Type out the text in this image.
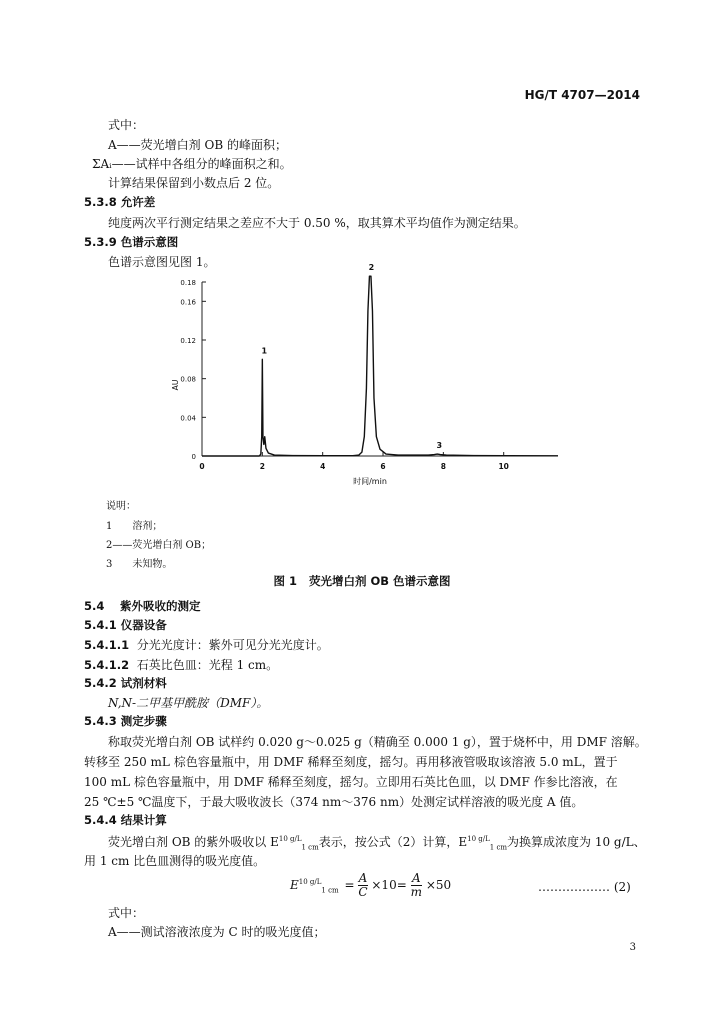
HG/T 4707—2014
式中：
A——荧光增白剂 OB 的峰面积；
ΣAᵢ——试样中各组分的峰面积之和。
计算结果保留到小数点后 2 位。
5.3.8 允许差
纯度两次平行测定结果之差应不大于 0.50 %，取其算术平均值作为测定结果。
5.3.9 色谱示意图
色谱示意图见图 1。
0
0.04
0.08
0.12
0.16
0.18
0	2	4	6	8	10
时间/min
AU
1
2
3
说明：
1 溶剂；
2——荧光增白剂 OB；
3 未知物。
图 1 荧光增白剂 OB 色谱示意图
5.4 紫外吸收的测定
5.4.1 仪器设备
5.4.1.1 分光光度计：紫外可见分光光度计。
5.4.1.2 石英比色皿：光程 1 cm。
5.4.2 试剂材料
N,N-二甲基甲酰胺（DMF）。
5.4.3 测定步骤
称取荧光增白剂 OB 试样约 0.020 g～0.025 g（精确至 0.000 1 g），置于烧杯中，用 DMF 溶解。
转移至 250 mL 棕色容量瓶中，用 DMF 稀释至刻度，摇匀。再用移液管吸取该溶液 5.0 mL，置于
100 mL 棕色容量瓶中，用 DMF 稀释至刻度，摇匀。立即用石英比色皿，以 DMF 作参比溶液，在
25 ℃±5 ℃温度下，于最大吸收波长（374 nm～376 nm）处测定试样溶液的吸光度 A 值。
5.4.4 结果计算
荧光增白剂 OB 的紫外吸收以 $E^{10 g/L}_{1 cm}$表示，按公式（2）计算，$E^{10 g/L}_{1 cm}$为换算成浓度为 10 g/L、
用 1 cm 比色皿测得的吸光度值。
$E^{10 g/L}_{1 cm} = \frac{A}{C} \times 10= \frac{A}{m} \times 50$	……………… (2)
式中：
A——测试溶液浓度为 C 时的吸光度值；
3
